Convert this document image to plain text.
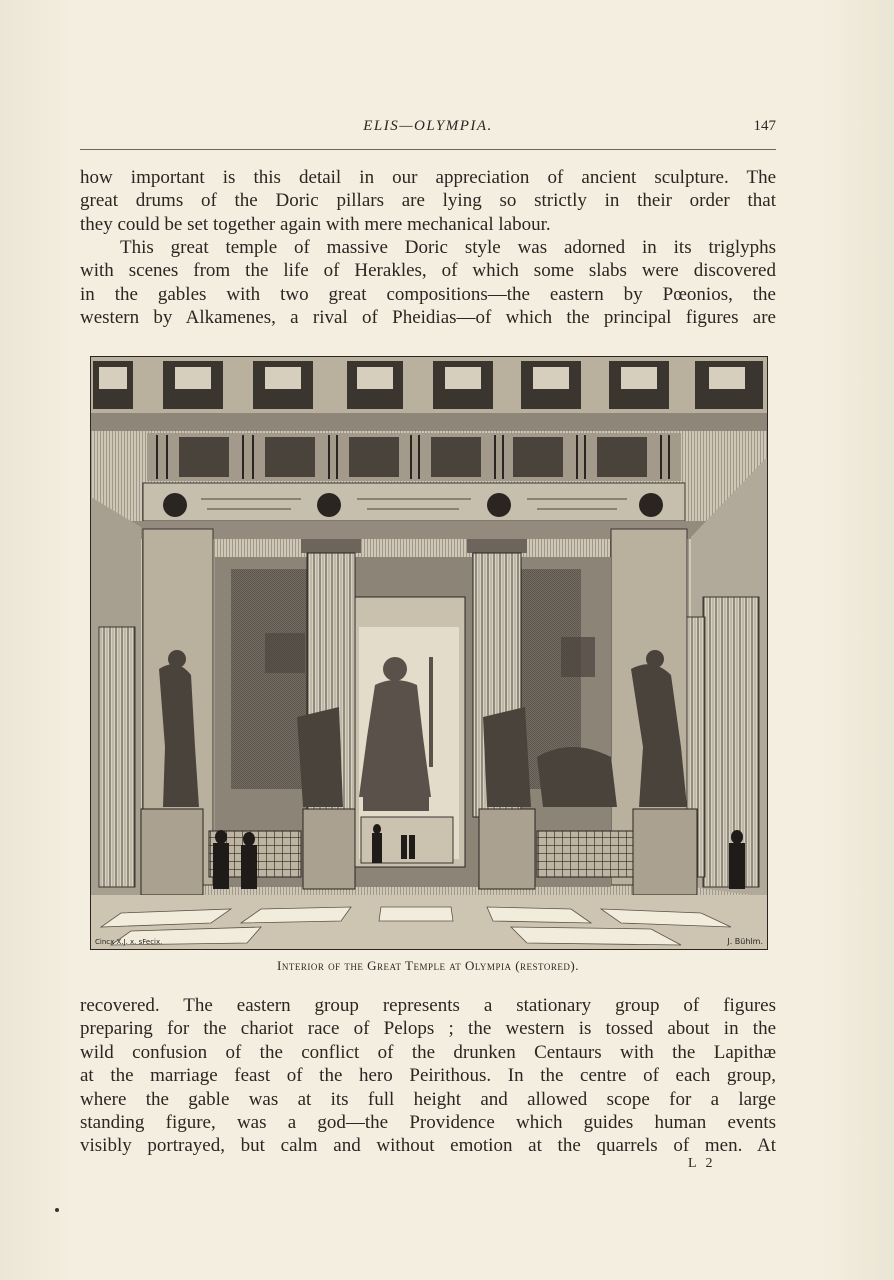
ELIS—OLYMPIA.	147
how important is this detail in our appreciation of ancient sculpture. The
great drums of the Doric pillars are lying so strictly in their order that
they could be set together again with mere mechanical labour.
This great temple of massive Doric style was adorned in its triglyphs
with scenes from the life of Herakles, of which some slabs were discovered
in the gables with two great compositions—the eastern by Pœonios, the
western by Alkamenes, a rival of Pheidias—of which the principal figures are
Cincx X.J. x. sFecix.	J. Bühlm.
Interior of the Great Temple at Olympia (restored).
recovered. The eastern group represents a stationary group of figures
preparing for the chariot race of Pelops ; the western is tossed about in the
wild confusion of the conflict of the drunken Centaurs with the Lapithæ
at the marriage feast of the hero Peirithous. In the centre of each group,
where the gable was at its full height and allowed scope for a large
standing figure, was a god—the Providence which guides human events
visibly portrayed, but calm and without emotion at the quarrels of men. At
L 2
